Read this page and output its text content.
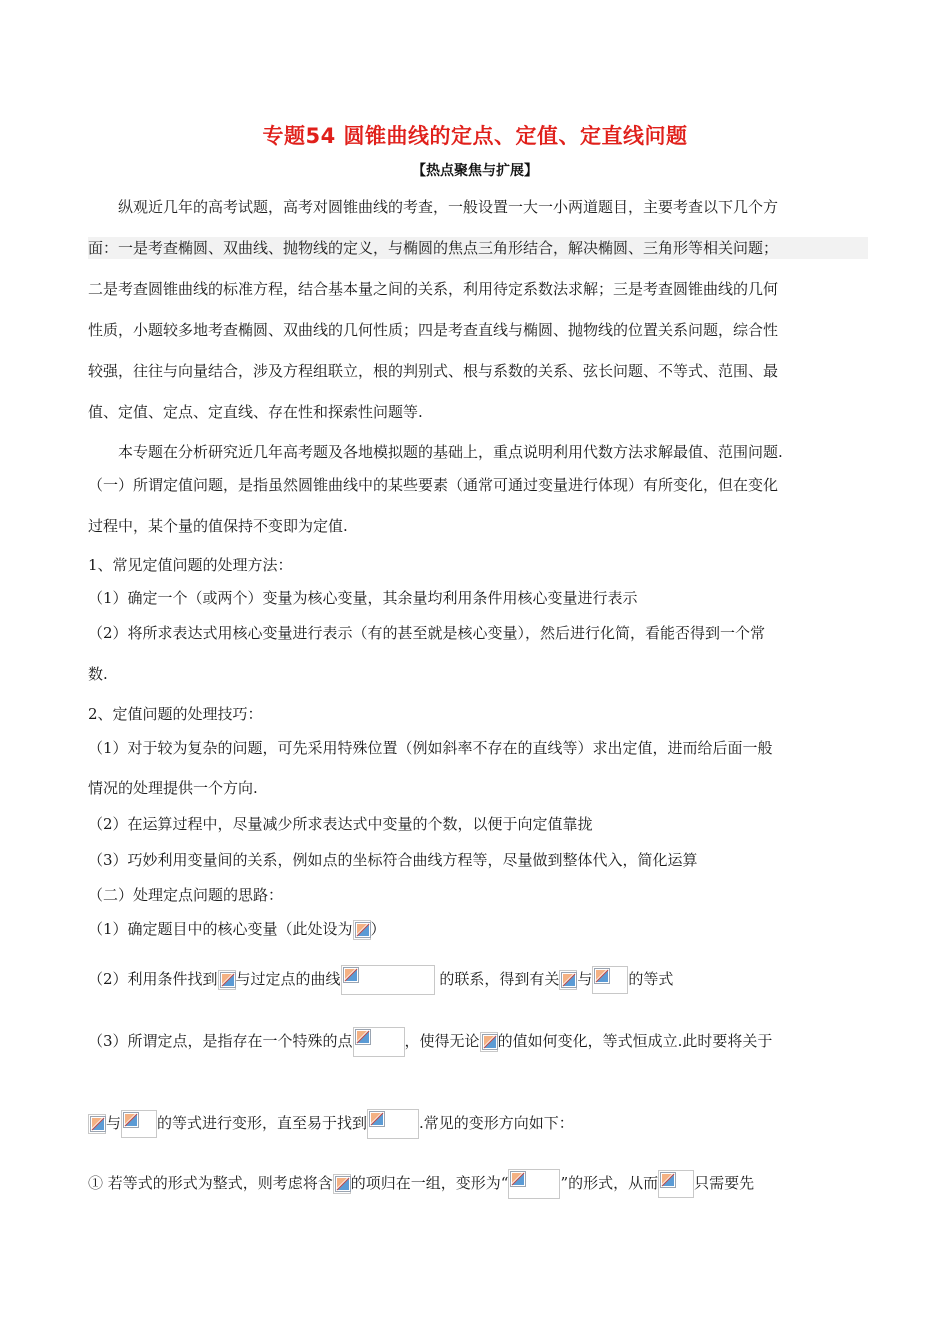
专题54 圆锥曲线的定点、定值、定直线问题
【热点聚焦与扩展】
纵观近几年的高考试题，高考对圆锥曲线的考查，一般设置一大一小两道题目，主要考查以下几个方
面：一是考查椭圆、双曲线、抛物线的定义，与椭圆的焦点三角形结合，解决椭圆、三角形等相关问题；
二是考查圆锥曲线的标准方程，结合基本量之间的关系，利用待定系数法求解；三是考查圆锥曲线的几何
性质，小题较多地考查椭圆、双曲线的几何性质；四是考查直线与椭圆、抛物线的位置关系问题，综合性
较强，往往与向量结合，涉及方程组联立，根的判别式、根与系数的关系、弦长问题、不等式、范围、最
值、定值、定点、定直线、存在性和探索性问题等.
本专题在分析研究近几年高考题及各地模拟题的基础上，重点说明利用代数方法求解最值、范围问题.
（一）所谓定值问题，是指虽然圆锥曲线中的某些要素（通常可通过变量进行体现）有所变化，但在变化
过程中，某个量的值保持不变即为定值.
1、常见定值问题的处理方法：
（1）确定一个（或两个）变量为核心变量，其余量均利用条件用核心变量进行表示
（2）将所求表达式用核心变量进行表示（有的甚至就是核心变量），然后进行化简，看能否得到一个常
数.
2、定值问题的处理技巧：
（1）对于较为复杂的问题，可先采用特殊位置（例如斜率不存在的直线等）求出定值，进而给后面一般
情况的处理提供一个方向.
（2）在运算过程中，尽量减少所求表达式中变量的个数，以便于向定值靠拢
（3）巧妙利用变量间的关系，例如点的坐标符合曲线方程等，尽量做到整体代入，简化运算
（二）处理定点问题的思路：
（1）确定题目中的核心变量（此处设为 ）
（2）利用条件找到 与过定点的曲线	的联系，得到有关 与 的等式
（3）所谓定点，是指存在一个特殊的点	，使得无论 的值如何变化，等式恒成立.此时要将关于
与 的等式进行变形，直至易于找到	.常见的变形方向如下：
① 若等式的形式为整式，则考虑将含 的项归在一组，变形为“	”的形式，从而 只需要先
